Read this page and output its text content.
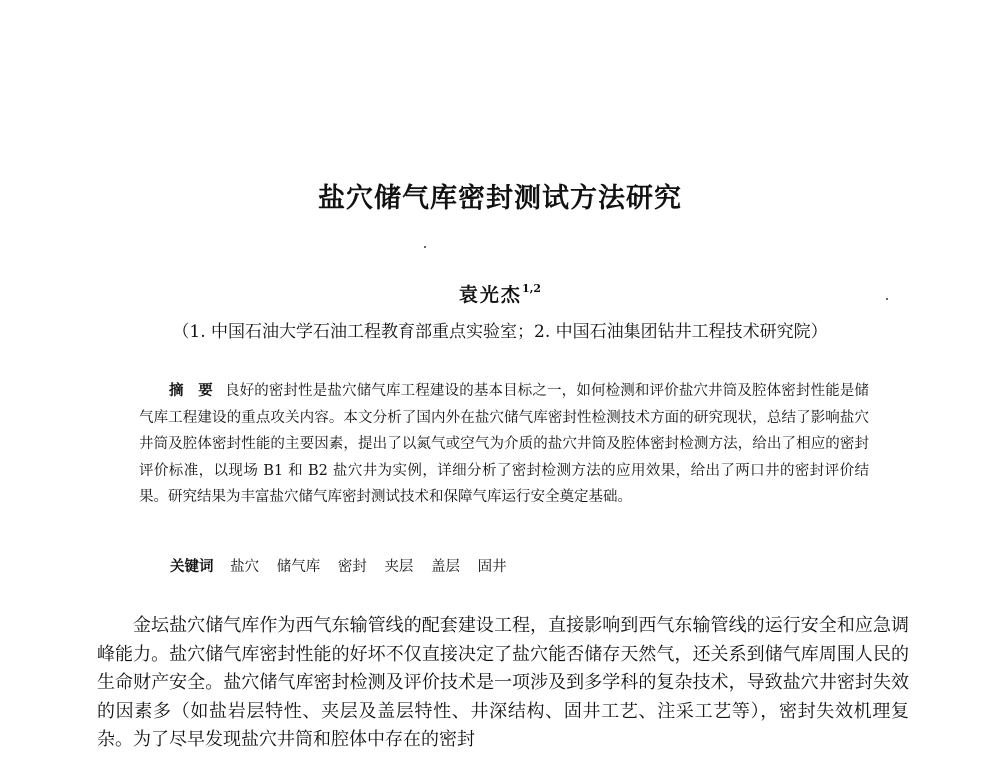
盐穴储气库密封测试方法研究
袁光杰$^{1,2}$
（1. 中国石油大学石油工程教育部重点实验室；2. 中国石油集团钻井工程技术研究院）
摘　要 良好的密封性是盐穴储气库工程建设的基本目标之一，如何检测和评价盐穴井筒及腔体密封性能是储气库工程建设的重点攻关内容。本文分析了国内外在盐穴储气库密封性检测技术方面的研究现状，总结了影响盐穴井筒及腔体密封性能的主要因素，提出了以氮气或空气为介质的盐穴井筒及腔体密封检测方法，给出了相应的密封评价标准，以现场 B1 和 B2 盐穴井为实例，详细分析了密封检测方法的应用效果，给出了两口井的密封评价结果。研究结果为丰富盐穴储气库密封测试技术和保障气库运行安全奠定基础。
关键词 盐穴 储气库 密封 夹层 盖层 固井

金坛盐穴储气库作为西气东输管线的配套建设工程，直接影响到西气东输管线的运行安全和应急调峰能力。盐穴储气库密封性能的好坏不仅直接决定了盐穴能否储存天然气，还关系到储气库周围人民的生命财产安全。盐穴储气库密封检测及评价技术是一项涉及到多学科的复杂技术，导致盐穴井密封失效的因素多（如盐岩层特性、夹层及盖层特性、井深结构、固井工艺、注采工艺等），密封失效机理复杂。为了尽早发现盐穴井筒和腔体中存在的密封
